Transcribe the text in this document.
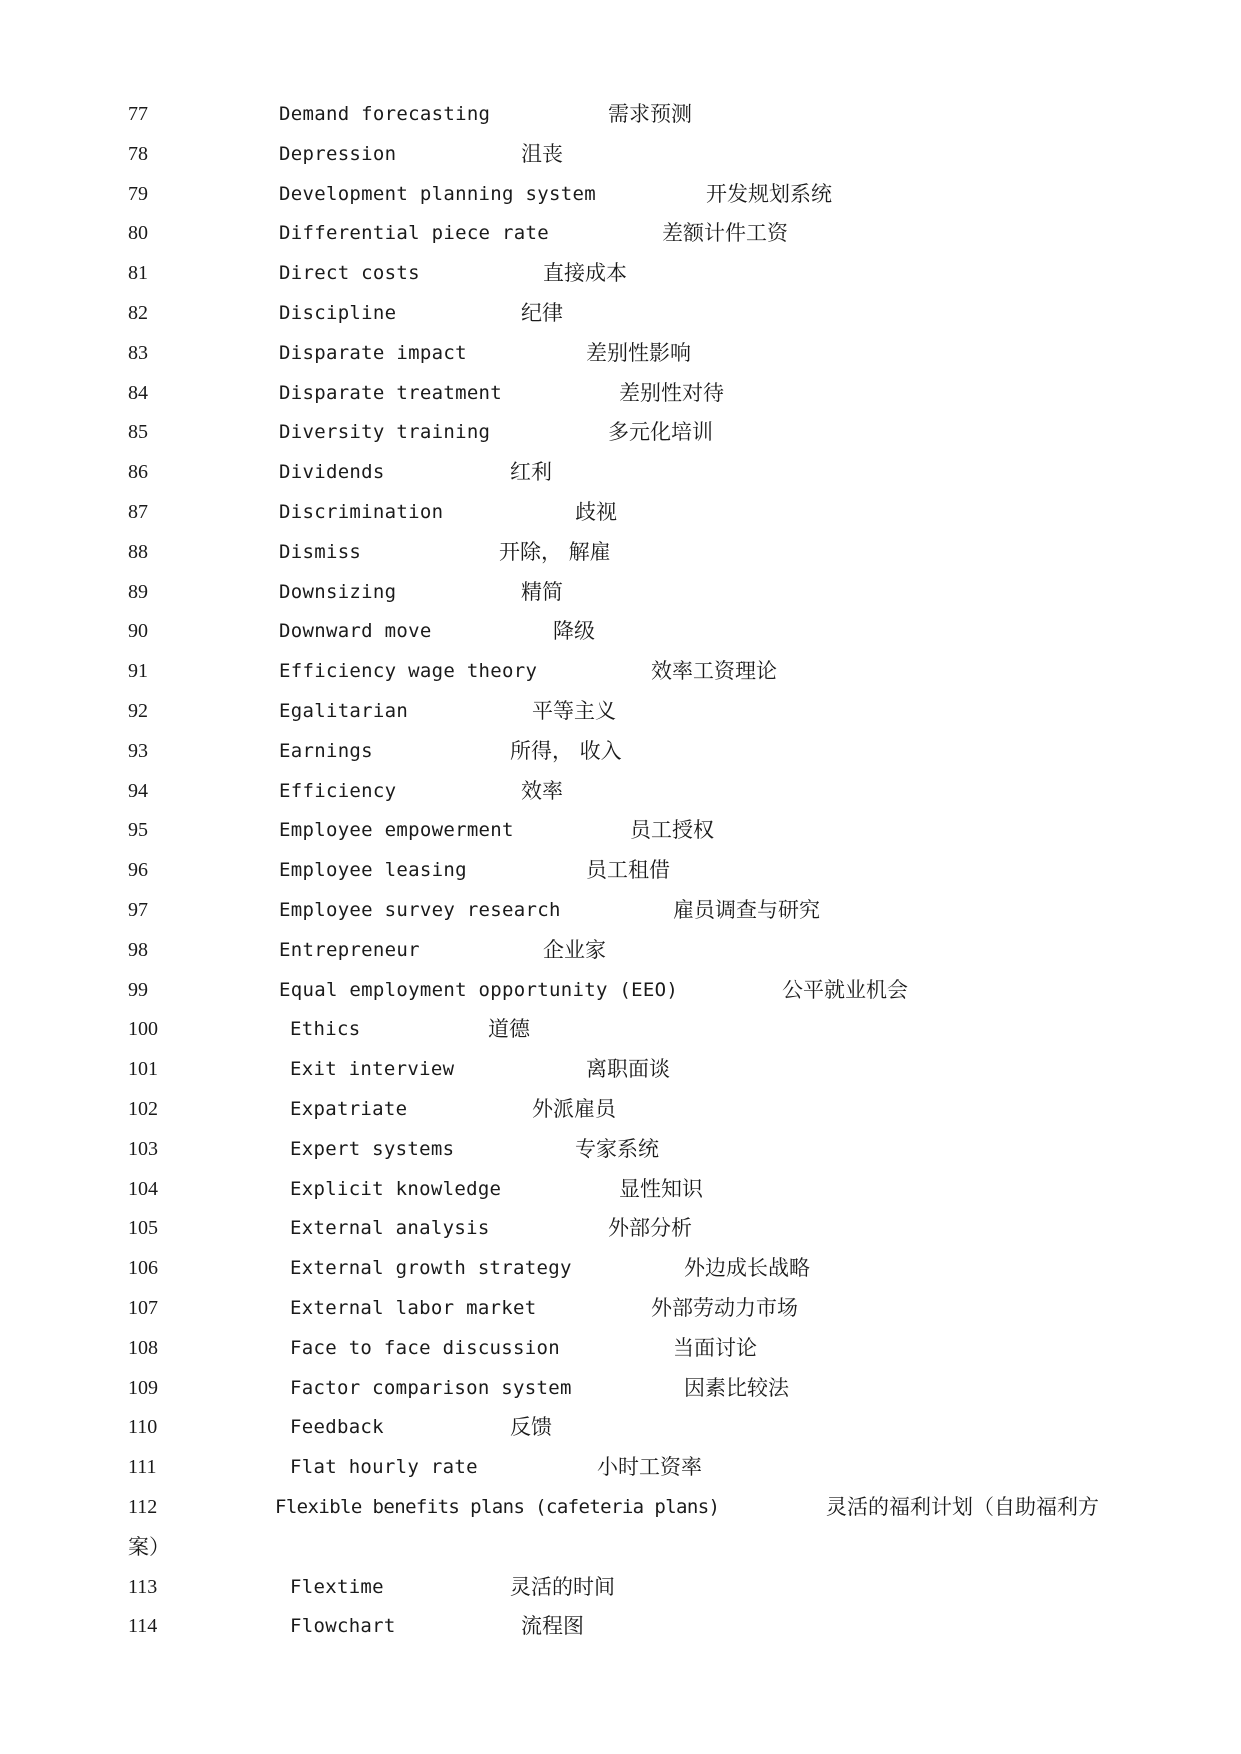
77	Demand forecasting	需求预测
78	Depression	沮丧
79	Development planning system	开发规划系统
80	Differential piece rate	差额计件工资
81	Direct costs	直接成本
82	Discipline	纪律
83	Disparate impact	差别性影响
84	Disparate treatment	差别性对待
85	Diversity training	多元化培训
86	Dividends	红利
87	Discrimination	歧视
88	Dismiss	开除， 解雇
89	Downsizing	精简
90	Downward move	降级
91	Efficiency wage theory	效率工资理论
92	Egalitarian	平等主义
93	Earnings	所得， 收入
94	Efficiency	效率
95	Employee empowerment	员工授权
96	Employee leasing	员工租借
97	Employee survey research	雇员调查与研究
98	Entrepreneur	企业家
99	Equal employment opportunity (EEO)	公平就业机会
100	Ethics	道德
101	Exit interview	离职面谈
102	Expatriate	外派雇员
103	Expert systems	专家系统
104	Explicit knowledge	显性知识
105	External analysis	外部分析
106	External growth strategy	外边成长战略
107	External labor market	外部劳动力市场
108	Face to face discussion	当面讨论
109	Factor comparison system	因素比较法
110	Feedback	反馈
111	Flat hourly rate	小时工资率
112	Flexible benefits plans (cafeteria plans)	灵活的福利计划（自助福利方
案）
113	Flextime	灵活的时间
114	Flowchart	流程图
